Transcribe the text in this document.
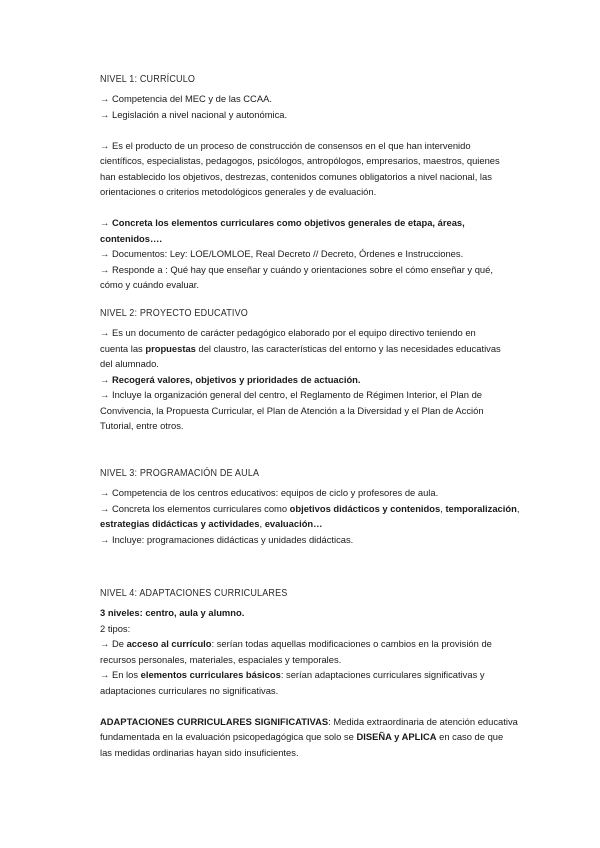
NIVEL 1: CURRÍCULO
→ Competencia del MEC y de las CCAA.
→ Legislación a nivel nacional y autonómica.

→ Es el producto de un proceso de construcción de consensos en el que han intervenido
científicos, especialistas, pedagogos, psicólogos, antropólogos, empresarios, maestros, quienes
han establecido los objetivos, destrezas, contenidos comunes obligatorios a nivel nacional, las
orientaciones o criterios metodológicos generales y de evaluación.

→ Concreta los elementos curriculares como objetivos generales de etapa, áreas,
contenidos….
→ Documentos: Ley: LOE/LOMLOE, Real Decreto // Decreto, Órdenes e Instrucciones.
→ Responde a : Qué hay que enseñar y cuándo y orientaciones sobre el cómo enseñar y qué,
cómo y cuándo evaluar.
NIVEL 2: PROYECTO EDUCATIVO
→ Es un documento de carácter pedagógico elaborado por el equipo directivo teniendo en
cuenta las propuestas del claustro, las características del entorno y las necesidades educativas
del alumnado.
→ Recogerá valores, objetivos y prioridades de actuación.
→ Incluye la organización general del centro, el Reglamento de Régimen Interior, el Plan de
Convivencia, la Propuesta Curricular, el Plan de Atención a la Diversidad y el Plan de Acción
Tutorial, entre otros.
NIVEL 3: PROGRAMACIÓN DE AULA
→ Competencia de los centros educativos: equipos de ciclo y profesores de aula.
→ Concreta los elementos curriculares como objetivos didácticos y contenidos, temporalización,
estrategias didácticas y actividades, evaluación…
→ Incluye: programaciones didácticas y unidades didácticas.
NIVEL 4: ADAPTACIONES CURRICULARES
3 niveles: centro, aula y alumno.
2 tipos:
→ De acceso al currículo: serían todas aquellas modificaciones o cambios en la provisión de
recursos personales, materiales, espaciales y temporales.
→ En los elementos curriculares básicos: serían adaptaciones curriculares significativas y
adaptaciones curriculares no significativas.

ADAPTACIONES CURRICULARES SIGNIFICATIVAS: Medida extraordinaria de atención educativa
fundamentada en la evaluación psicopedagógica que solo se DISEÑA y APLICA en caso de que
las medidas ordinarias hayan sido insuficientes.
